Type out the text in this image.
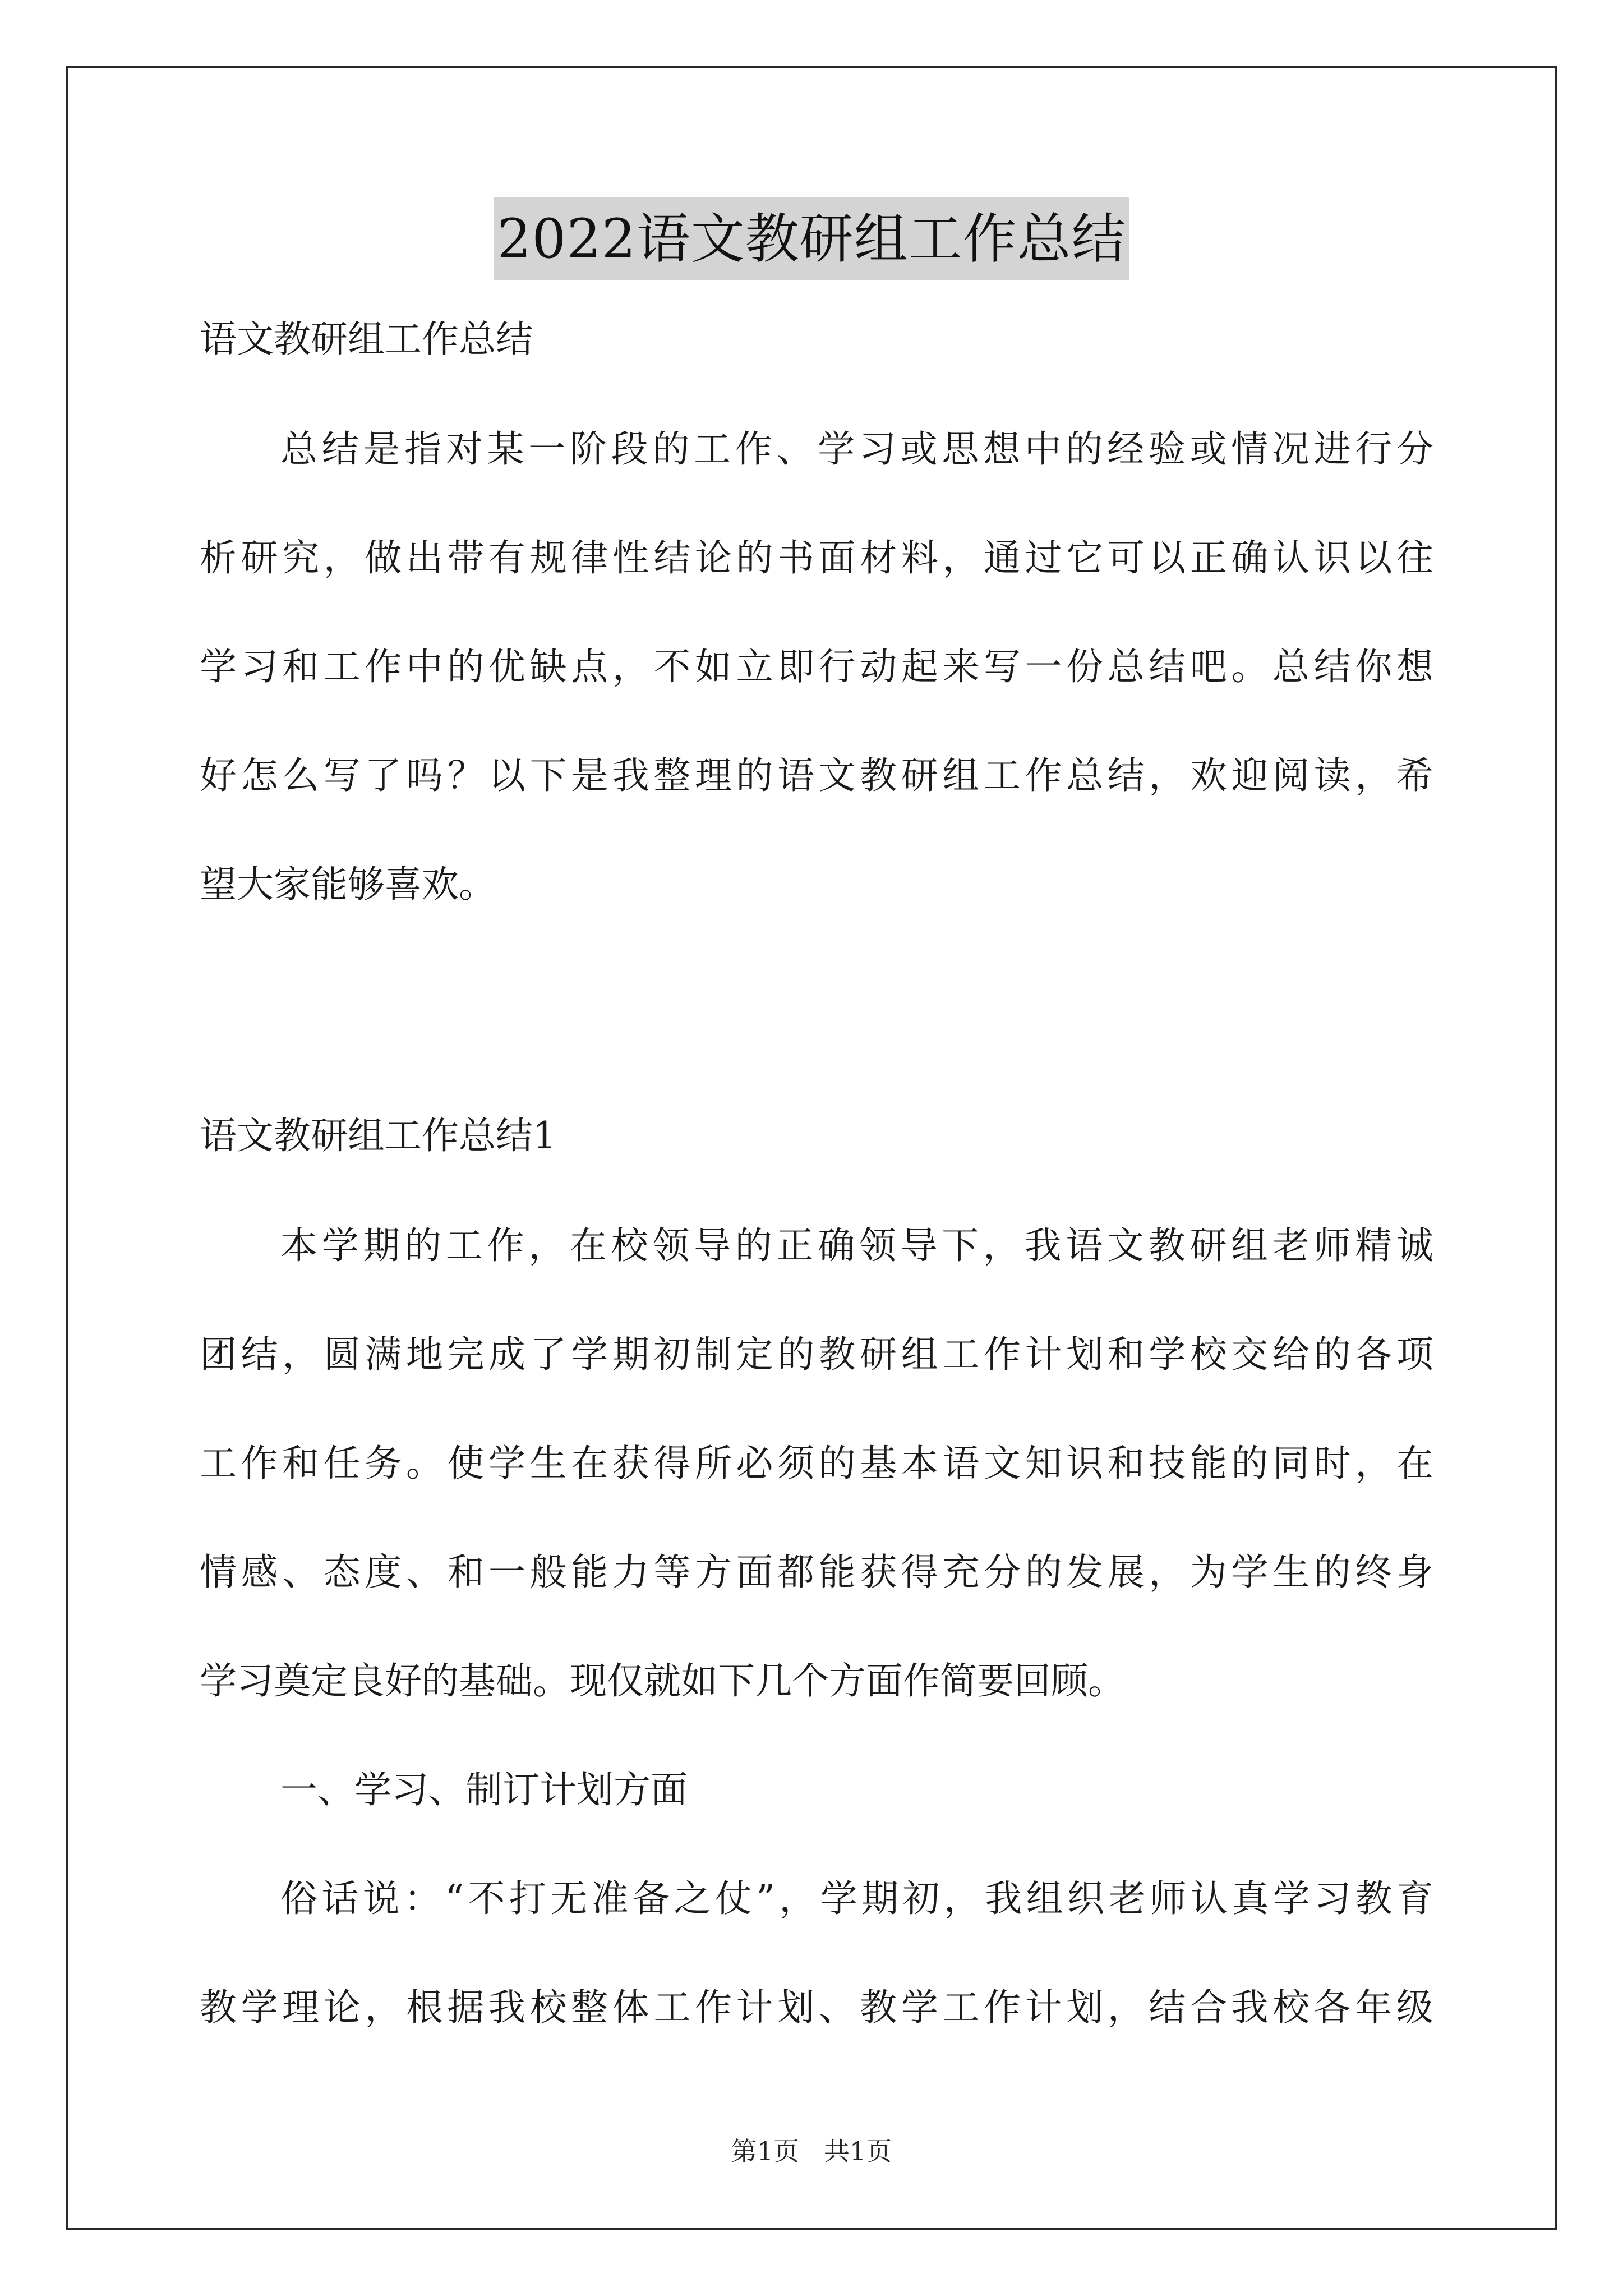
2022语文教研组工作总结
语文教研组工作总结
总 结 是 指 对 某 一 阶 段 的 工 作 、 学 习 或 思 想 中 的 经 验 或 情 况 进 行 分
析 研 究 ， 做 出 带 有 规 律 性 结 论 的 书 面 材 料 ， 通 过 它 可 以 正 确 认 识 以 往
学 习 和 工 作 中 的 优 缺 点 ， 不 如 立 即 行 动 起 来 写 一 份 总 结 吧 。 总 结 你 想
好 怎 么 写 了 吗 ？ 以 下 是 我 整 理 的 语 文 教 研 组 工 作 总 结 ， 欢 迎 阅 读 ， 希
望大家能够喜欢。
语文教研组工作总结1
本 学 期 的 工 作 ， 在 校 领 导 的 正 确 领 导 下 ， 我 语 文 教 研 组 老 师 精 诚
团 结 ， 圆 满 地 完 成 了 学 期 初 制 定 的 教 研 组 工 作 计 划 和 学 校 交 给 的 各 项
工 作 和 任 务 。 使 学 生 在 获 得 所 必 须 的 基 本 语 文 知 识 和 技 能 的 同 时 ， 在
情 感 、 态 度 、 和 一 般 能 力 等 方 面 都 能 获 得 充 分 的 发 展 ， 为 学 生 的 终 身
学习奠定良好的基础。现仅就如下几个方面作简要回顾。
一、学习、制订计划方面
俗 话 说 ： “ 不 打 无 准 备 之 仗 ” ， 学 期 初 ， 我 组 织 老 师 认 真 学 习 教 育
教 学 理 论 ， 根 据 我 校 整 体 工 作 计 划 、 教 学 工 作 计 划 ， 结 合 我 校 各 年 级
第1页 共1页
